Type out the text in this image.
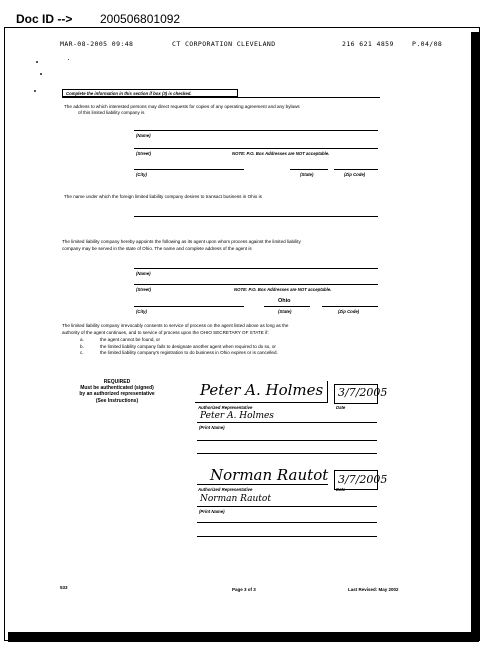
Doc ID --> 200506801092
MAR-08-2005 09:48	CT CORPORATION CLEVELAND	216 621 4859	P.04/08
Complete the information in this section if box (3) is checked.

The address to which interested persons may direct requests for copies of any operating agreement and any bylaws

of this limited liability company is

(Name)
(Street)	NOTE: P.O. Box Addresses are NOT acceptable.
(City)	(State)	(Zip Code)

The name under which the foreign limited liability company desires to transact business in Ohio is

The limited liability company hereby appoints the following as its agent upon whom process against the limited liability

company may be served in the state of Ohio. The name and complete address of the agent is

(Name)
(Street)	NOTE: P.O. Box Addresses are NOT acceptable.
Ohio
(City)	(State)	(Zip Code)

The limited liability company irrevocably consents to service of process on the agent listed above as long as the

authority of the agent continues, and to service of process upon the OHIO SECRETARY OF STATE if:

a.	the agent cannot be found, or
b.	the limited liability company fails to designate another agent when required to do so, or
c.	the limited liability company's registration to do business in Ohio expires or is cancelled.
REQUIRED
Must be authenticated (signed)
by an authorized representative
(See Instructions)
Peter A. Holmes 3/7/2005
Authorized Representative	Date
Peter A. Holmes
(Print Name)
Norman Rautot 3/7/2005
Authorized Representative	Date
Norman Rautot
(Print Name)
533	Page 3 of 3	Last Revised: May 2002
